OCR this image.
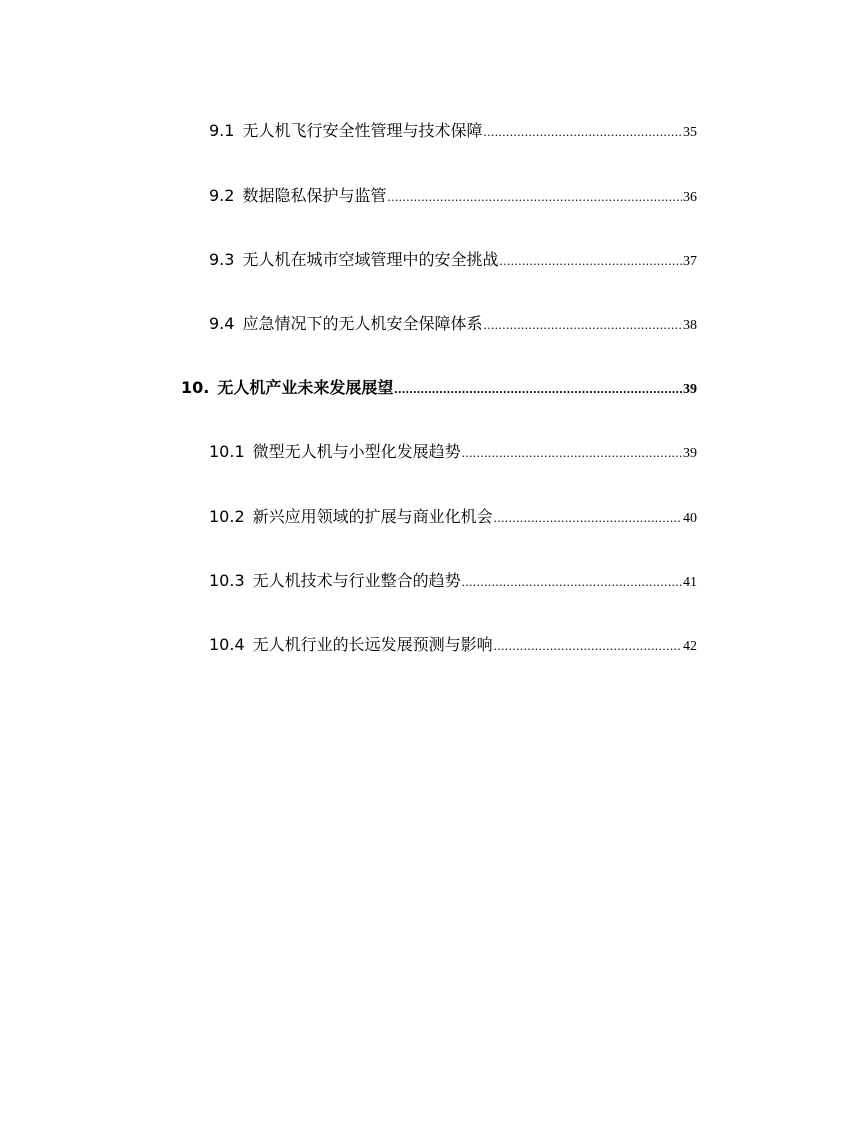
9.1 无人机飞行安全性管理与技术保障 .....	35
9.2 数据隐私保护与监管 .....	36
9.3 无人机在城市空域管理中的安全挑战 .....	37
9.4 应急情况下的无人机安全保障体系 .....	38
10. 无人机产业未来发展展望 .....	39
10.1 微型无人机与小型化发展趋势 .....	39
10.2 新兴应用领域的扩展与商业化机会 .....	40
10.3 无人机技术与行业整合的趋势 .....	41
10.4 无人机行业的长远发展预测与影响 .....	42
